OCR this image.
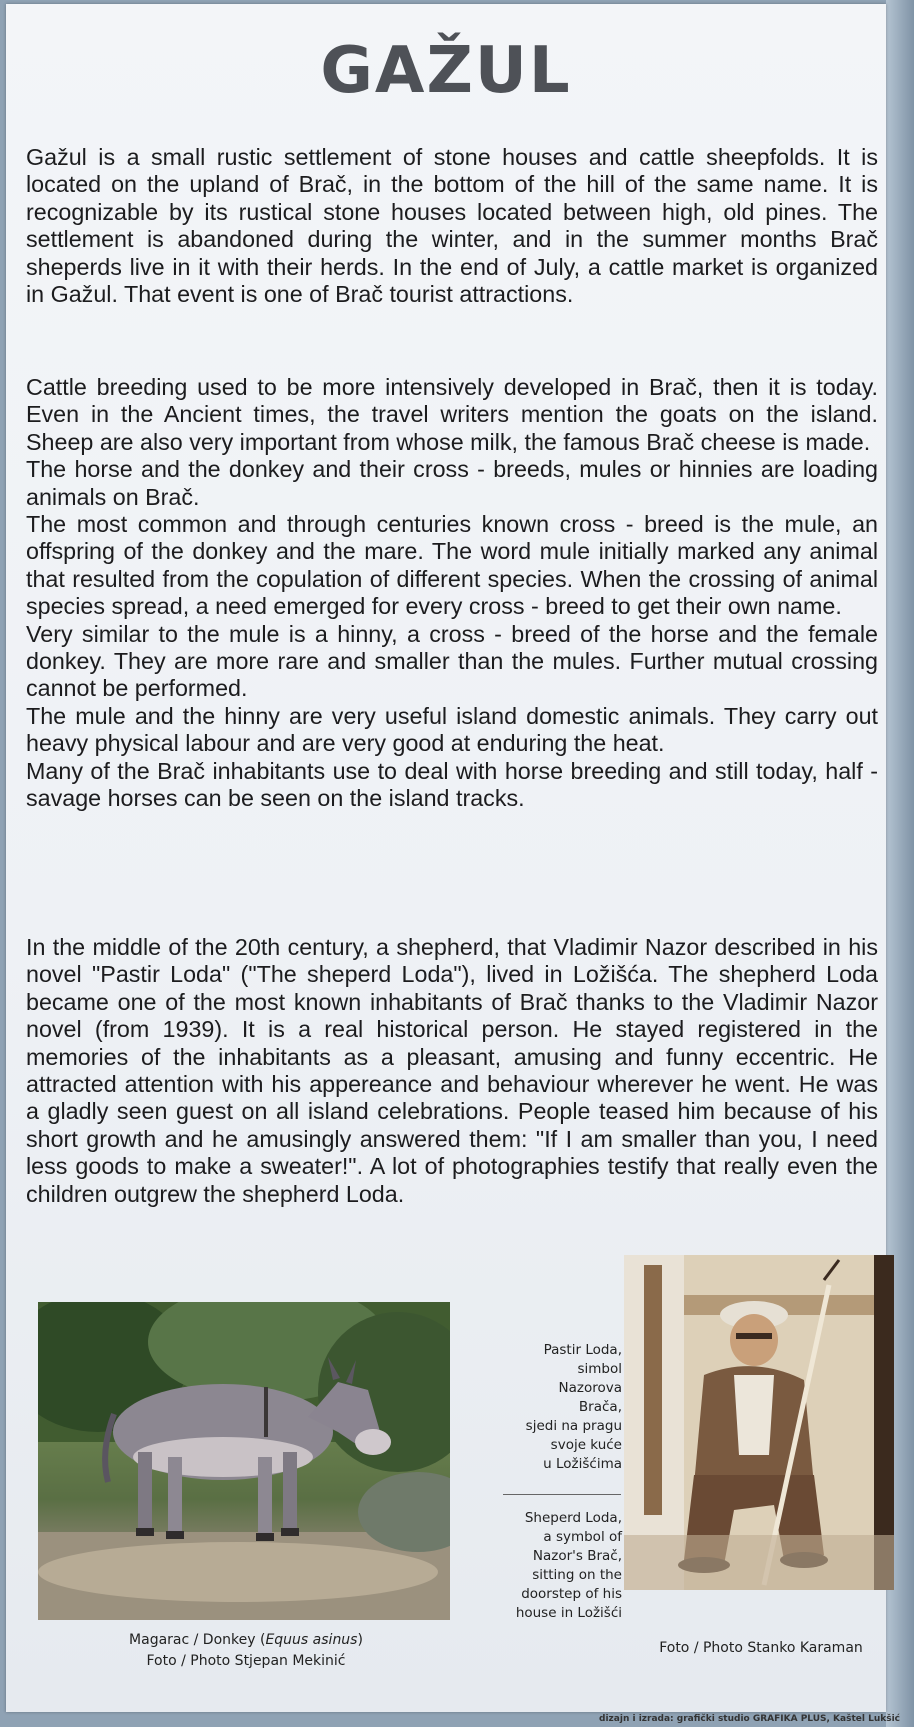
GAŽUL

Gažul is a small rustic settlement of stone houses and cattle sheepfolds. It is located on the upland of Brač, in the bottom of the hill of the same name. It is recognizable by its rustical stone houses located between high, old pines. The settlement is abandoned during the winter, and in the summer months Brač sheperds live in it with their herds. In the end of July, a cattle market is organized in Gažul. That event is one of Brač tourist attractions.

Cattle breeding used to be more intensively developed in Brač, then it is today. Even in the Ancient times, the travel writers mention the goats on the island. Sheep are also very important from whose milk, the famous Brač cheese is made.

The horse and the donkey and their cross - breeds, mules or hinnies are loading animals on Brač.

The most common and through centuries known cross - breed is the mule, an offspring of the donkey and the mare. The word mule initially marked any animal that resulted from the copulation of different species. When the crossing of animal species spread, a need emerged for every cross - breed to get their own name.

Very similar to the mule is a hinny, a cross - breed of the horse and the female donkey. They are more rare and smaller than the mules. Further mutual crossing cannot be performed.

The mule and the hinny are very useful island domestic animals. They carry out heavy physical labour and are very good at enduring the heat.

Many of the Brač inhabitants use to deal with horse breeding and still today, half - savage horses can be seen on the island tracks.

In the middle of the 20th century, a shepherd, that Vladimir Nazor described in his novel "Pastir Loda" ("The sheperd Loda"), lived in Ložišća. The shepherd Loda became one of the most known inhabitants of Brač thanks to the Vladimir Nazor novel (from 1939). It is a real historical person. He stayed registered in the memories of the inhabitants as a pleasant, amusing and funny eccentric. He attracted attention with his appereance and behaviour wherever he went. He was a gladly seen guest on all island celebrations. People teased him because of his short growth and he amusingly answered them: "If I am smaller than you, I need less goods to make a sweater!". A lot of photographies testify that really even the children outgrew the shepherd Loda.

Pastir Loda,
simbol
Nazorova
Brača,
sjedi na pragu
svoje kuće
u Ložišćima
Sheperd Loda,
a symbol of
Nazor's Brač,
sitting on the
doorstep of his
house in Ložišći
Magarac / Donkey (Equus asinus)
Foto / Photo Stjepan Mekinić
Foto / Photo Stanko Karaman
dizajn i izrada: grafički studio GRAFIKA PLUS, Kaštel Lukšić
